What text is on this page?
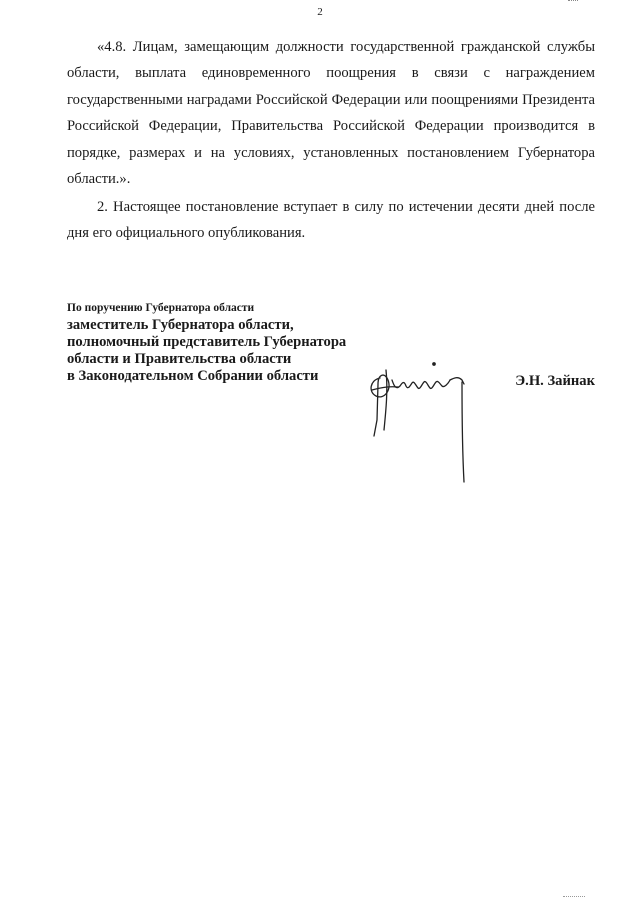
2

«4.8. Лицам, замещающим должности государственной гражданской службы области, выплата единовременного поощрения в связи с награждением государственными наградами Российской Федерации или поощрениями Президента Российской Федерации, Правительства Российской Федерации производится в порядке, размерах и на условиях, установленных постановлением Губернатора области.».

2. Настоящее постановление вступает в силу по истечении десяти дней после дня его официального опубликования.

По поручению Губернатора области

заместитель Губернатора области,

полномочный представитель Губернатора

области и Правительства области

в Законодательном Собрании области	Э.Н. Зайнак
